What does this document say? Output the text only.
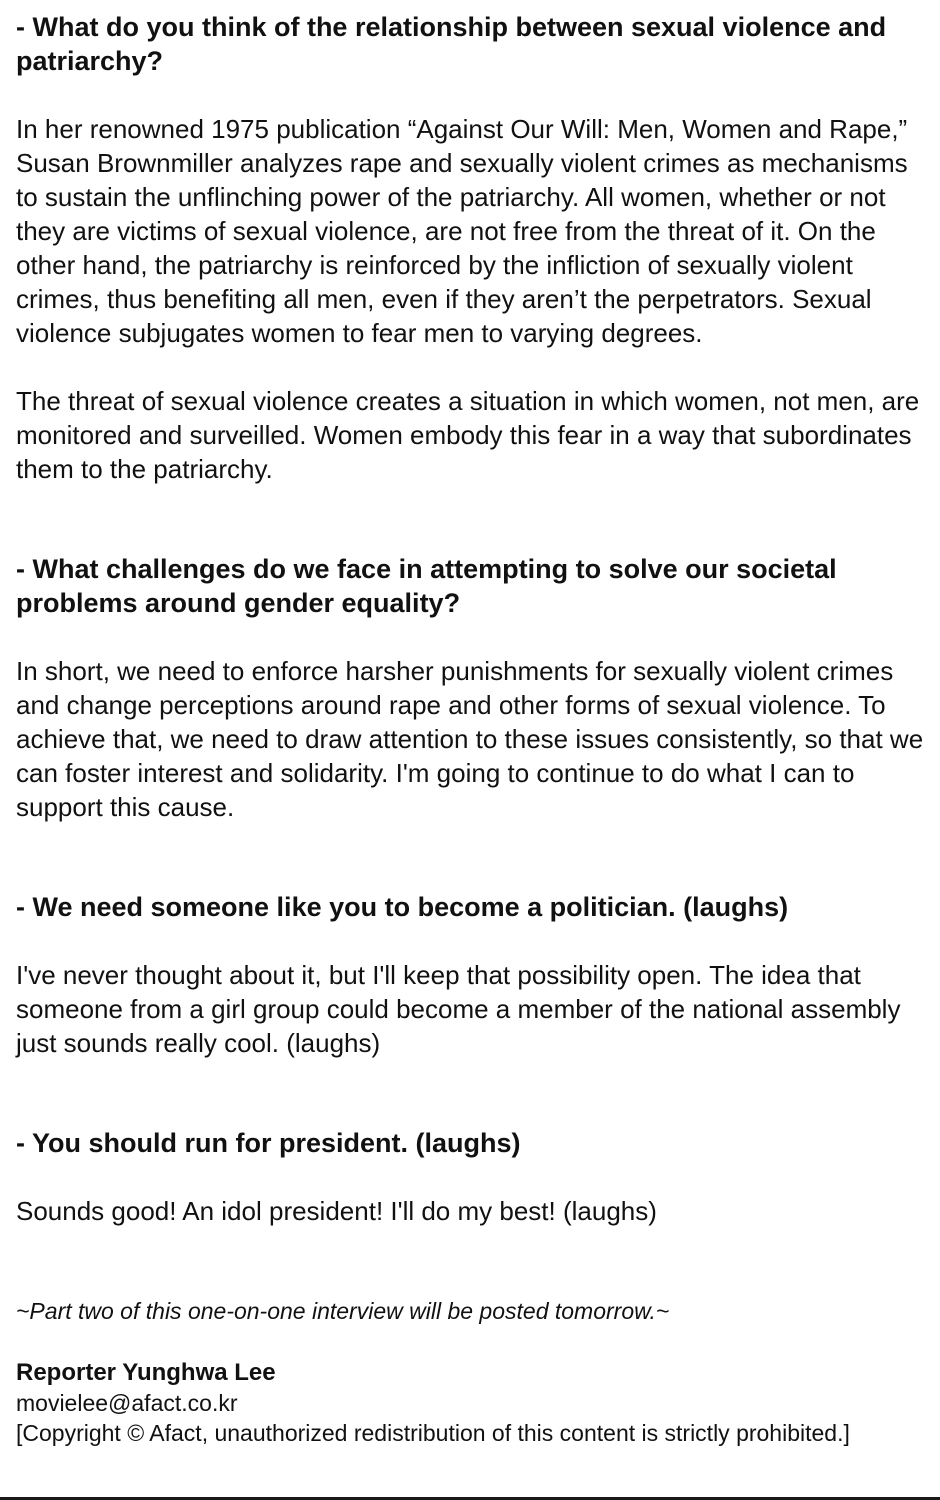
- What do you think of the relationship between sexual violence and patriarchy?

In her renowned 1975 publication “Against Our Will: Men, Women and Rape,” Susan Brownmiller analyzes rape and sexually violent crimes as mechanisms to sustain the unflinching power of the patriarchy. All women, whether or not they are victims of sexual violence, are not free from the threat of it. On the other hand, the patriarchy is reinforced by the infliction of sexually violent crimes, thus benefiting all men, even if they aren’t the perpetrators. Sexual violence subjugates women to fear men to varying degrees.

The threat of sexual violence creates a situation in which women, not men, are monitored and surveilled. Women embody this fear in a way that subordinates them to the patriarchy.

- What challenges do we face in attempting to solve our societal problems around gender equality?

In short, we need to enforce harsher punishments for sexually violent crimes and change perceptions around rape and other forms of sexual violence. To achieve that, we need to draw attention to these issues consistently, so that we can foster interest and solidarity. I'm going to continue to do what I can to support this cause.

- We need someone like you to become a politician. (laughs)

I've never thought about it, but I'll keep that possibility open. The idea that someone from a girl group could become a member of the national assembly just sounds really cool. (laughs)

- You should run for president. (laughs)

Sounds good! An idol president! I'll do my best! (laughs)

~Part two of this one-on-one interview will be posted tomorrow.~

Reporter Yunghwa Lee

movielee@afact.co.kr

[Copyright © Afact, unauthorized redistribution of this content is strictly prohibited.]
